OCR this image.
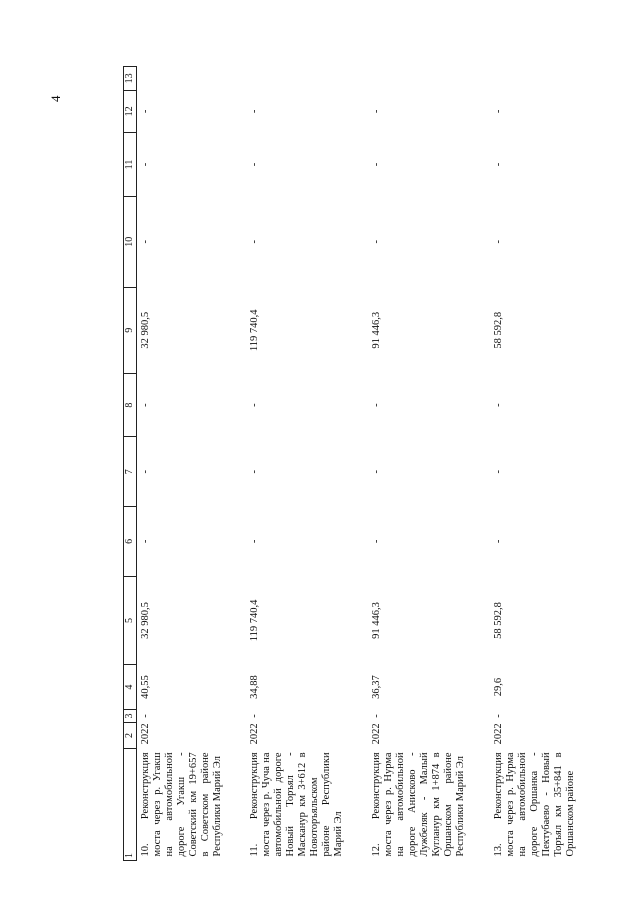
4
1	2	3	4	5	6	7	8	9	10	11	12	13
10. Реконструкция моста через р. Угакш на автомобильной дороге Угакш - Советский км 19+657 в Советском районе Республики Марий Эл	2022	-	40,55	32 980,5	-	-	-	32 980,5	-	-	-	
11. Реконструкция моста через р. Чуча на автомобильной дороге Новый Торъял - Маскануp км 3+612 в Новоторъяльском районе Республики Марий Эл	2022	-	34,88	119 740,4	-	-	-	119 740,4	-	-	-	
12. Реконструкция моста через р. Нурма на автомобильной дороге Анисково - Лужбеляк - Малый Кугланур км 1+874 в Оршанском районе Республики Марий Эл	2022	-	36,37	91 446,3	-	-	-	91 446,3	-	-	-	
13. Реконструкция моста через р. Нурма на автомобильной дороге Оршанка - Пектубаево - Новый Торъял км 35+841 в Оршанском районе	2022	-	29,6	58 592,8	-	-	-	58 592,8	-	-	-	
